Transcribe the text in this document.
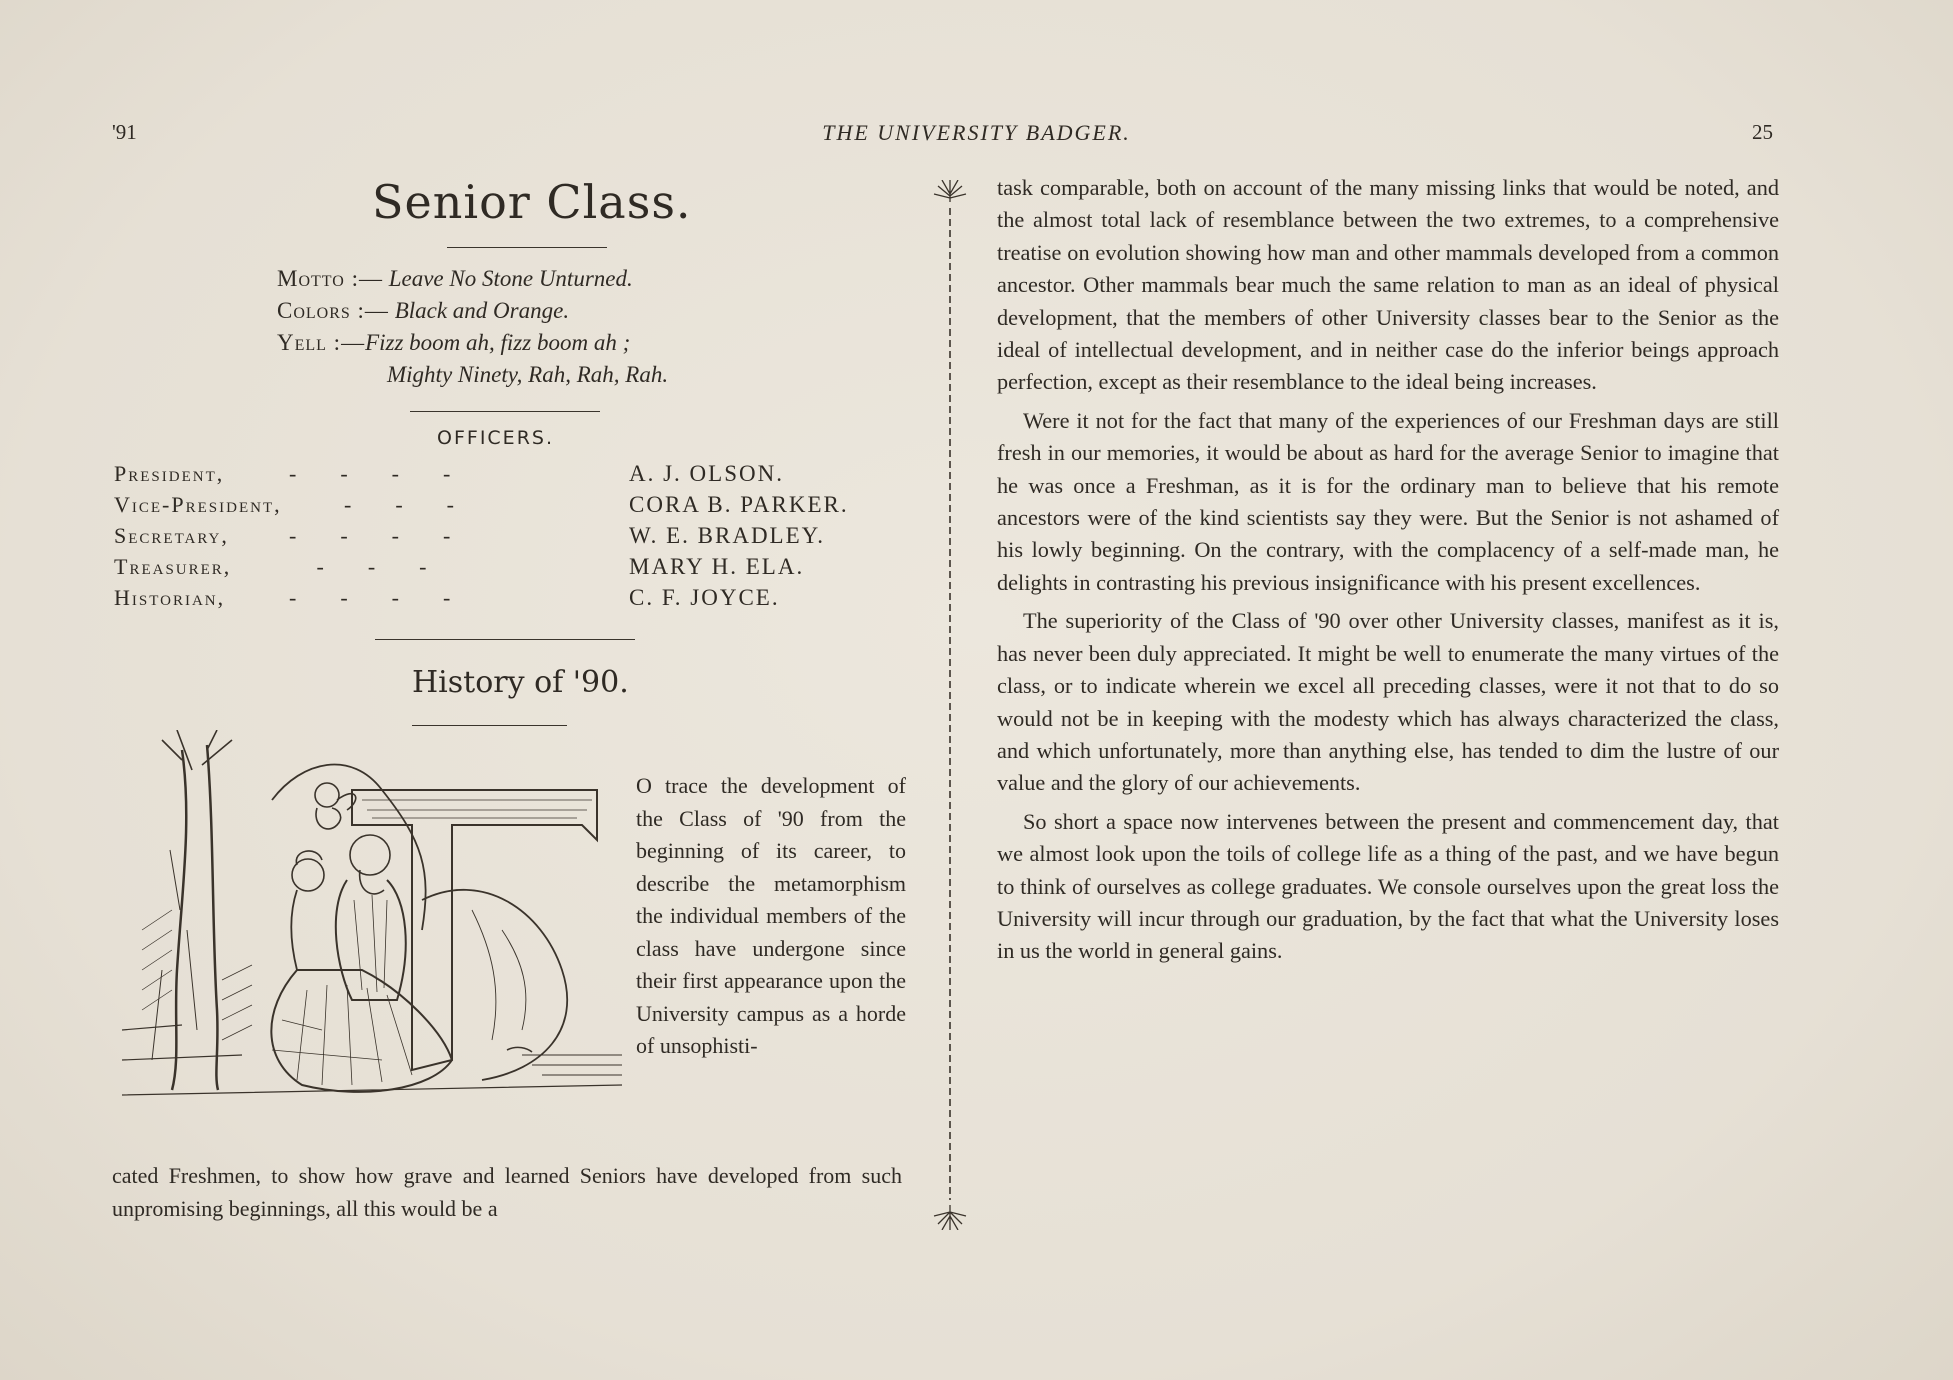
'91	THE UNIVERSITY BADGER.	25
Senior Class.
Motto :— Leave No Stone Unturned.
Colors :— Black and Orange.
Yell :—Fizz boom ah, fizz boom ah ;
Mighty Ninety, Rah, Rah, Rah.
OFFICERS.
President,	-        -        -        -	A. J. OLSON.
Vice-President,	-        -        -	CORA B. PARKER.
Secretary,	-        -        -        -	W. E. BRADLEY.
Treasurer,	-        -        -	MARY H. ELA.
Historian,	-        -        -        -	C. F. JOYCE.
History of '90.

O trace the development of the Class of '90 from the beginning of its career, to describe the metamorphism the individual members of the class have undergone since their first appearance upon the University campus as a horde of unsophisti-

cated Freshmen, to show how grave and learned Seniors have developed from such unpromising beginnings, all this would be a

task comparable, both on account of the many missing links that would be noted, and the almost total lack of resemblance between the two extremes, to a comprehensive treatise on evolution showing how man and other mammals developed from a common ancestor. Other mammals bear much the same relation to man as an ideal of physical development, that the members of other University classes bear to the Senior as the ideal of intellectual development, and in neither case do the inferior beings approach perfection, except as their resemblance to the ideal being increases.

Were it not for the fact that many of the experiences of our Freshman days are still fresh in our memories, it would be about as hard for the average Senior to imagine that he was once a Freshman, as it is for the ordinary man to believe that his remote ancestors were of the kind scientists say they were. But the Senior is not ashamed of his lowly beginning. On the contrary, with the complacency of a self-made man, he delights in contrasting his previous insignificance with his present excellences.

The superiority of the Class of '90 over other University classes, manifest as it is, has never been duly appreciated. It might be well to enumerate the many virtues of the class, or to indicate wherein we excel all preceding classes, were it not that to do so would not be in keeping with the modesty which has always characterized the class, and which unfortunately, more than anything else, has tended to dim the lustre of our value and the glory of our achievements.

So short a space now intervenes between the present and commencement day, that we almost look upon the toils of college life as a thing of the past, and we have begun to think of ourselves as college graduates. We console ourselves upon the great loss the University will incur through our graduation, by the fact that what the University loses in us the world in general gains.
